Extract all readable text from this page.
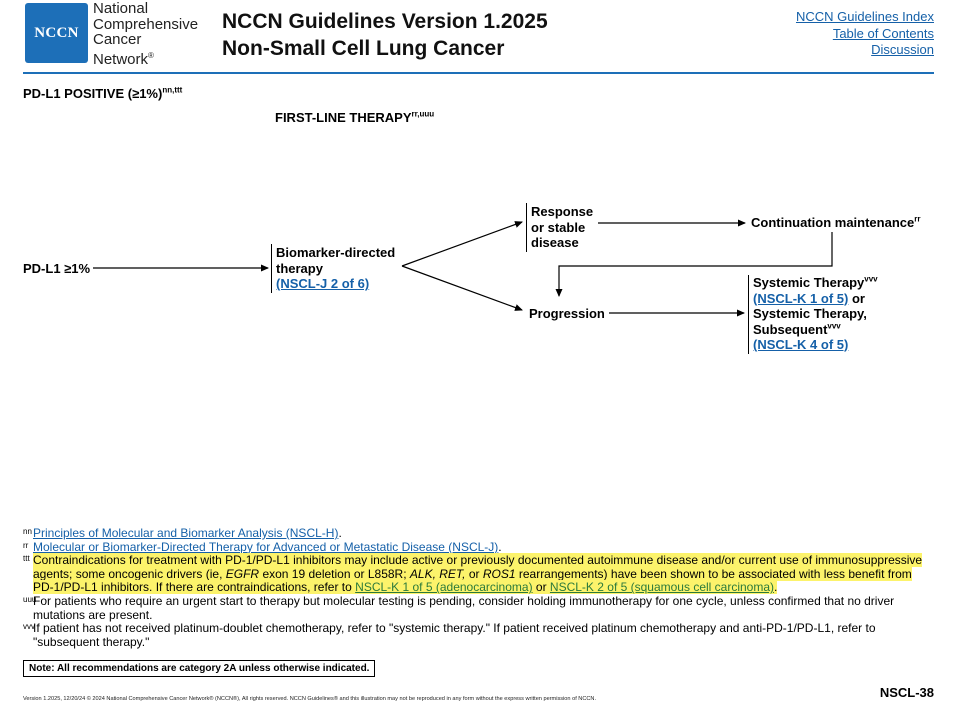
NCCN
National
Comprehensive
Cancer
Network®
NCCN Guidelines Version 1.2025
Non-Small Cell Lung Cancer
NCCN Guidelines Index
Table of Contents
Discussion
PD-L1 POSITIVE (≥1%)$^{nn,ttt}$
FIRST-LINE $THERAPY^{rr,uuu}$
PD-L1 ≥1%
Biomarker-directed
therapy
(NSCL-J 2 of 6)
Response
or stable
disease
Continuation maintenance$^{rr}$
Progression
Systemic Therapy$^{vvv}$
(NSCL-K 1 of 5) or
Systemic Therapy,
Subsequent$^{vvv}$
(NSCL-K 4 of 5)
nn Principles of Molecular and Biomarker Analysis (NSCL-H).
rr Molecular or Biomarker-Directed Therapy for Advanced or Metastatic Disease (NSCL-J).
ttt Contraindications for treatment with PD-1/PD-L1 inhibitors may include active or previously documented autoimmune disease and/or current use of immunosuppressive agents; some oncogenic drivers (ie, EGFR exon 19 deletion or L858R; ALK, RET, or ROS1 rearrangements) have been shown to be associated with less benefit from PD-1/PD-L1 inhibitors. If there are contraindications, refer to NSCL-K 1 of 5 (adenocarcinoma) or NSCL-K 2 of 5 (squamous cell carcinoma).
uuu
For patients who require an urgent start to therapy but molecular testing is pending, consider holding immunotherapy for one cycle, unless confirmed that no driver mutations are present.
vvv
If patient has not received platinum-doublet chemotherapy, refer to "systemic therapy." If patient received platinum chemotherapy and anti-PD-1/PD-L1, refer to "subsequent therapy."
Note: All recommendations are category 2A unless otherwise indicated.
Version 1.2025, 12/20/24 © 2024 National Comprehensive Cancer Network® (NCCN®), All rights reserved. NCCN Guidelines® and this illustration may not be reproduced in any form without the express written permission of NCCN.	NSCL-38
